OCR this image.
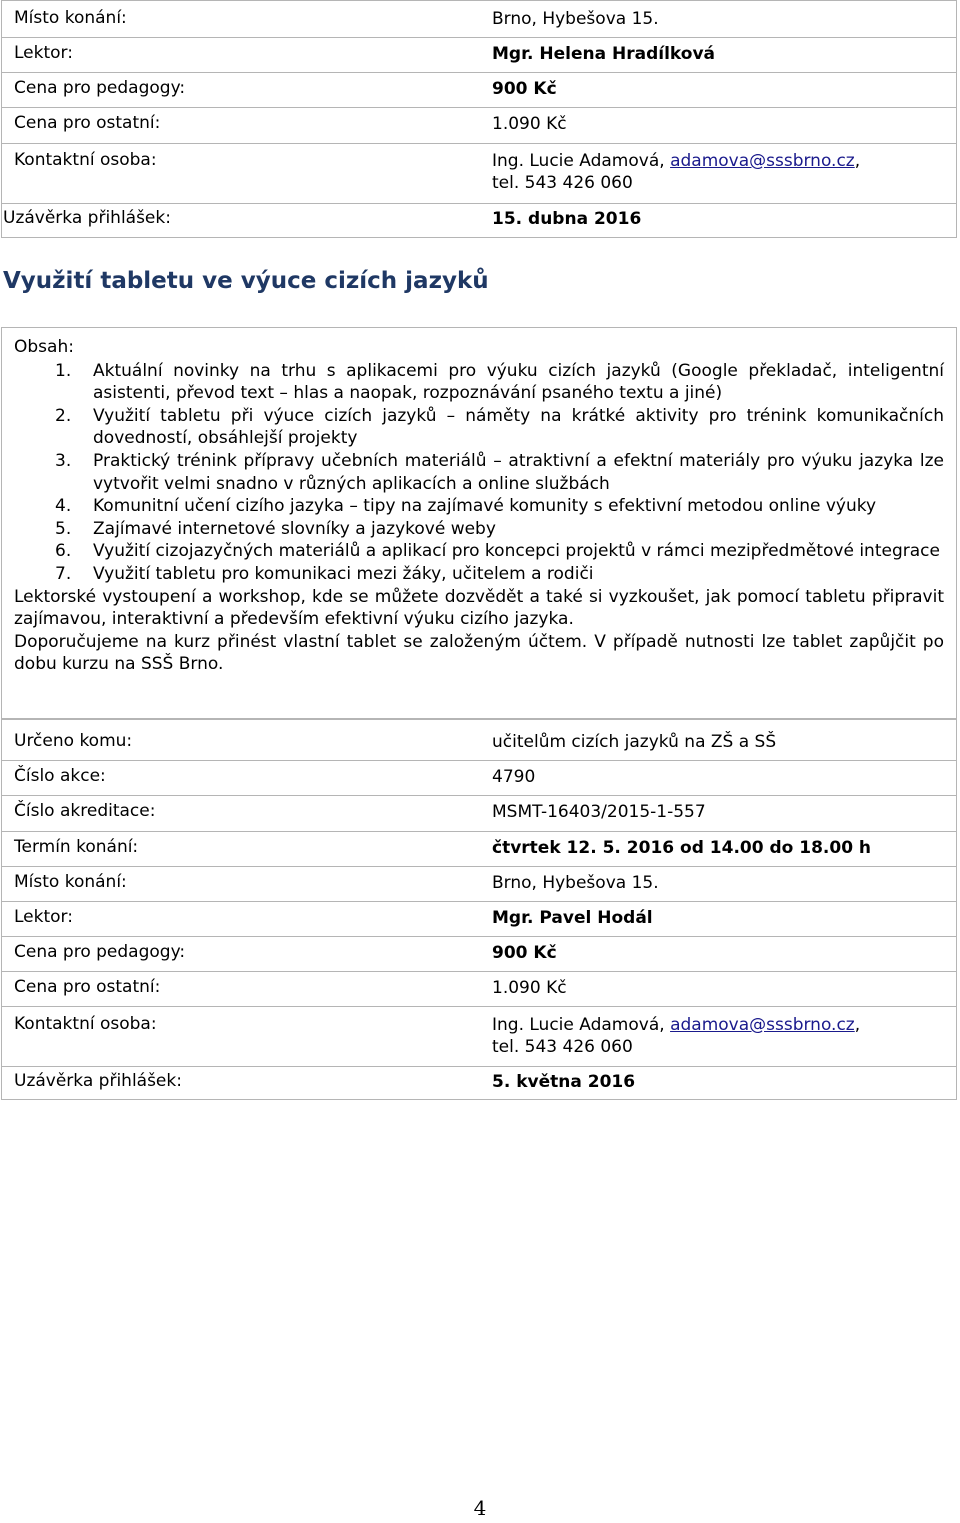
Místo konání:	Brno, Hybešova 15.
Lektor:	Mgr. Helena Hradílková
Cena pro pedagogy:	900 Kč
Cena pro ostatní:	1.090 Kč
Kontaktní osoba:	Ing. Lucie Adamová, adamova@sssbrno.cz,
tel. 543 426 060
Uzávěrka přihlášek:	15. dubna 2016
Využití tabletu ve výuce cizích jazyků

Obsah:

1. Aktuální novinky na trhu s aplikacemi pro výuku cizích jazyků (Google překladač, inteligentní asistenti, převod text – hlas a naopak, rozpoznávání psaného textu a jiné)
2. Využití tabletu při výuce cizích jazyků – náměty na krátké aktivity pro trénink komunikačních dovedností, obsáhlejší projekty
3. Praktický trénink přípravy učebních materiálů – atraktivní a efektní materiály pro výuku jazyka lze vytvořit velmi snadno v různých aplikacích a online službách
4. Komunitní učení cizího jazyka – tipy na zajímavé komunity s efektivní metodou online výuky
5. Zajímavé internetové slovníky a jazykové weby
6. Využití cizojazyčných materiálů a aplikací pro koncepci projektů v rámci mezipředmětové integrace
7. Využití tabletu pro komunikaci mezi žáky, učitelem a rodiči

Lektorské vystoupení a workshop, kde se můžete dozvědět a také si vyzkoušet, jak pomocí tabletu připravit zajímavou, interaktivní a především efektivní výuku cizího jazyka.

Doporučujeme na kurz přinést vlastní tablet se založeným účtem. V případě nutnosti lze tablet zapůjčit po dobu kurzu na SSŠ Brno.

Určeno komu:	učitelům cizích jazyků na ZŠ a SŠ
Číslo akce:	4790
Číslo akreditace:	MSMT-16403/2015-1-557
Termín konání:	čtvrtek 12. 5. 2016 od 14.00 do 18.00 h
Místo konání:	Brno, Hybešova 15.
Lektor:	Mgr. Pavel Hodál
Cena pro pedagogy:	900 Kč
Cena pro ostatní:	1.090 Kč
Kontaktní osoba:	Ing. Lucie Adamová, adamova@sssbrno.cz,
tel. 543 426 060
Uzávěrka přihlášek:	5. května 2016
4
